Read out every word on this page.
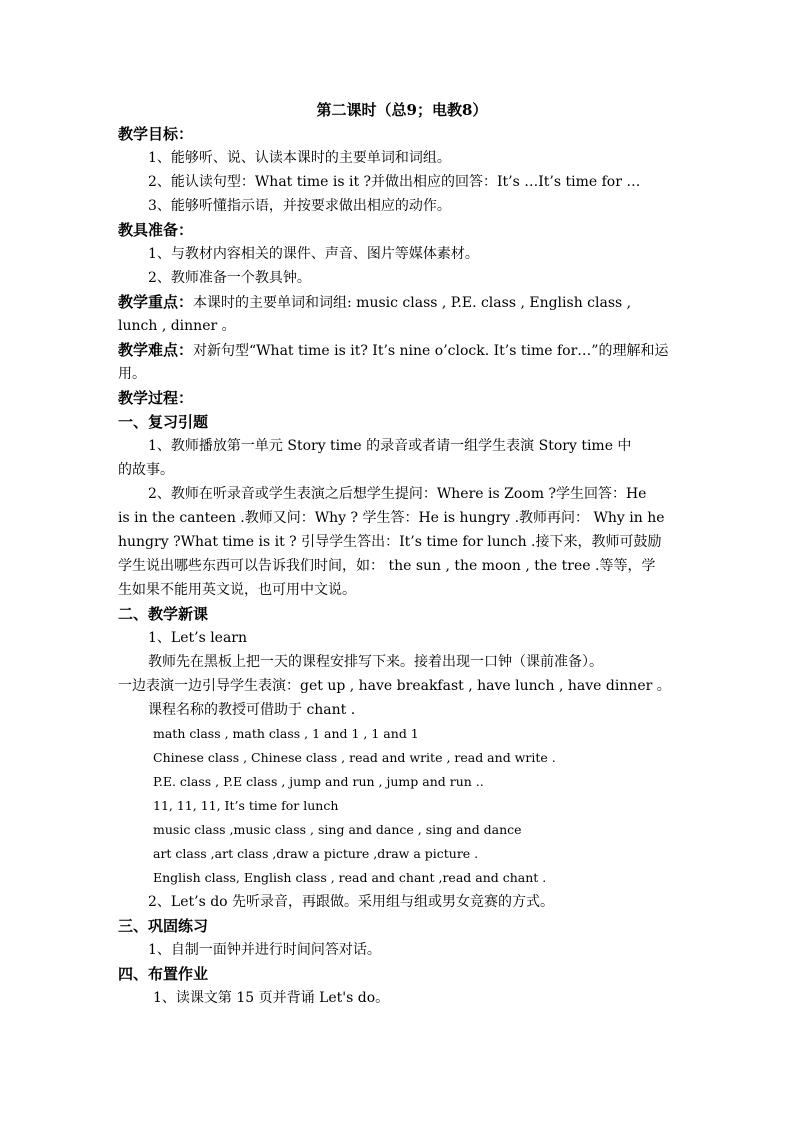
第二课时（总9；电教8）
教学目标：
1、能够听、说、认读本课时的主要单词和词组。
2、能认读句型：What time is it ?并做出相应的回答：It’s …It’s time for …
3、能够听懂指示语，并按要求做出相应的动作。
教具准备：
1、与教材内容相关的课件、声音、图片等媒体素材。
2、教师准备一个教具钟。
教学重点：本课时的主要单词和词组: music class , P.E. class , English class ,
lunch , dinner 。
教学难点：对新句型“What time is it? It’s nine o’clock. It’s time for…”的理解和运
用。
教学过程：
一、复习引题
1、教师播放第一单元 Story time 的录音或者请一组学生表演 Story time 中
的故事。
2、教师在听录音或学生表演之后想学生提问：Where is Zoom ?学生回答：He
is in the canteen .教师又问：Why ? 学生答：He is hungry .教师再问： Why in he
hungry ?What time is it ? 引导学生答出：It’s time for lunch .接下来，教师可鼓励
学生说出哪些东西可以告诉我们时间，如： the sun , the moon , the tree .等等，学
生如果不能用英文说，也可用中文说。
二、教学新课
1、Let’s learn
教师先在黑板上把一天的课程安排写下来。接着出现一口钟（课前准备）。
一边表演一边引导学生表演：get up , have breakfast , have lunch , have dinner 。
课程名称的教授可借助于 chant .
math class , math class , 1 and 1 , 1 and 1
Chinese class , Chinese class , read and write , read and write .
P.E. class , P.E class , jump and run , jump and run ..
11, 11, 11, It’s time for lunch
music class ,music class , sing and dance , sing and dance
art class ,art class ,draw a picture ,draw a picture .
English class, English class , read and chant ,read and chant .
2、Let’s do 先听录音，再跟做。采用组与组或男女竞赛的方式。
三、巩固练习
1、自制一面钟并进行时间问答对话。
四、布置作业
1、读课文第 15 页并背诵 Let's do。
